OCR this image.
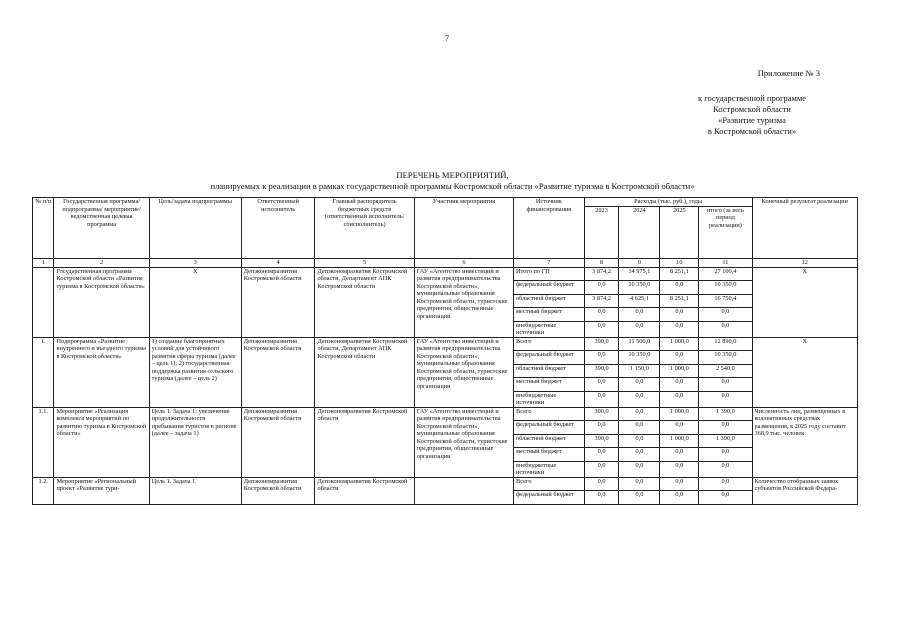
7
Приложение № 3
к государственной программе
Костромской области
«Развитие туризма
в Костромской области»
ПЕРЕЧЕНЬ МЕРОПРИЯТИЙ,
планируемых к реализации в рамках государственной программы Костромской области «Развитие туризма в Костромской области»
№ п/п	Государственная программа/ подпрограмма/ мероприятие/ ведомственная целевая программа	Цель/задача подпрограммы	Ответственный исполнитель	Главный распорядитель бюджетных средств (ответственный исполнитель/соисполнитель)	Участник мероприятия	Источник финансирования	Расходы (тыс. руб.), годы				Конечный результат реализации
							2023	2024	2025	итого (за весь период реализации)	
1	2	3	4	5	6	7	8	9	10	11	12
	Государственная программа Костромской области «Развитие туризма в Костромской области»	Х	Депэкономразвития Костромской области	Депэкономразвития Костромской области, Департамент АПК Костромской области	ГАУ «Агентство инвестиций и развития предпринимательства Костромской области», муниципальные образования Костромской области, туристские предприятия, общественные организации	Итого по ГП	3 874,2	14 975,1	8 251,1	27 100,4	Х
						федеральный бюджет	0,0	10 350,0	0,0	10 350,0	
						областной бюджет	3 874,2	4 625,1	8 251,1	16 750,4	
						местный бюджет	0,0	0,0	0,0	0,0	
						внебюджетные источники	0,0	0,0	0,0	0,0	
1.	Подпрограмма «Развитие внутреннего и въездного туризма в Костромской области»	1) создание благоприятных условий для устойчивого развития сферы туризма (далее – цель 1); 2) государственная поддержка развития сельского туризма (далее – цель 2)	Депэкономразвития Костромской области	Депэкономразвития Костромской области, Департамент АПК Костромской области	ГАУ «Агентство инвестиций и развития предпринимательства Костромской области», муниципальные образования Костромской области, туристские предприятия, общественные организации	Всего	390,0	11 500,0	1 000,0	12 890,0	Х
						федеральный бюджет	0,0	10 350,0	0,0	10 350,0	
						областной бюджет	390,0	1 150,0	1 000,0	2 540,0	
						местный бюджет	0,0	0,0	0,0	0,0	
						внебюджетные источники	0,0	0,0	0,0	0,0	
1.1.	Мероприятие «Реализация комплекса мероприятий по развитию туризма в Костромской области»	Цель 1. Задача 1: увеличение продолжительности пребывания туристов в регионе (далее – задача 1)	Депэкономразвития Костромской области	Депэкономразвития Костромской области	ГАУ «Агентство инвестиций и развития предпринимательства Костромской области», муниципальные образования Костромской области, туристские предприятия, общественные организации	Всего	390,0	0,0	1 000,0	1 390,0	Численность лиц, размещенных в коллективных средствах размещения, к 2025 году составит 368,9 тыс. человек
						федеральный бюджет	0,0	0,0	0,0	0,0	
						областной бюджет	390,0	0,0	1 000,0	1 390,0	
						местный бюджет	0,0	0,0	0,0	0,0	
						внебюджетные источники	0,0	0,0	0,0	0,0	
1.2.	Мероприятие «Региональный проект «Развитие тури-	Цель 1. Задача 1	Депэкономразвития Костромской области	Депэкономразвития Костромской области		Всего	0,0	0,0	0,0	0,0	Количество отобранных заявок субъектов Российской Федера-
						федеральный бюджет	0,0	0,0	0,0	0,0	
